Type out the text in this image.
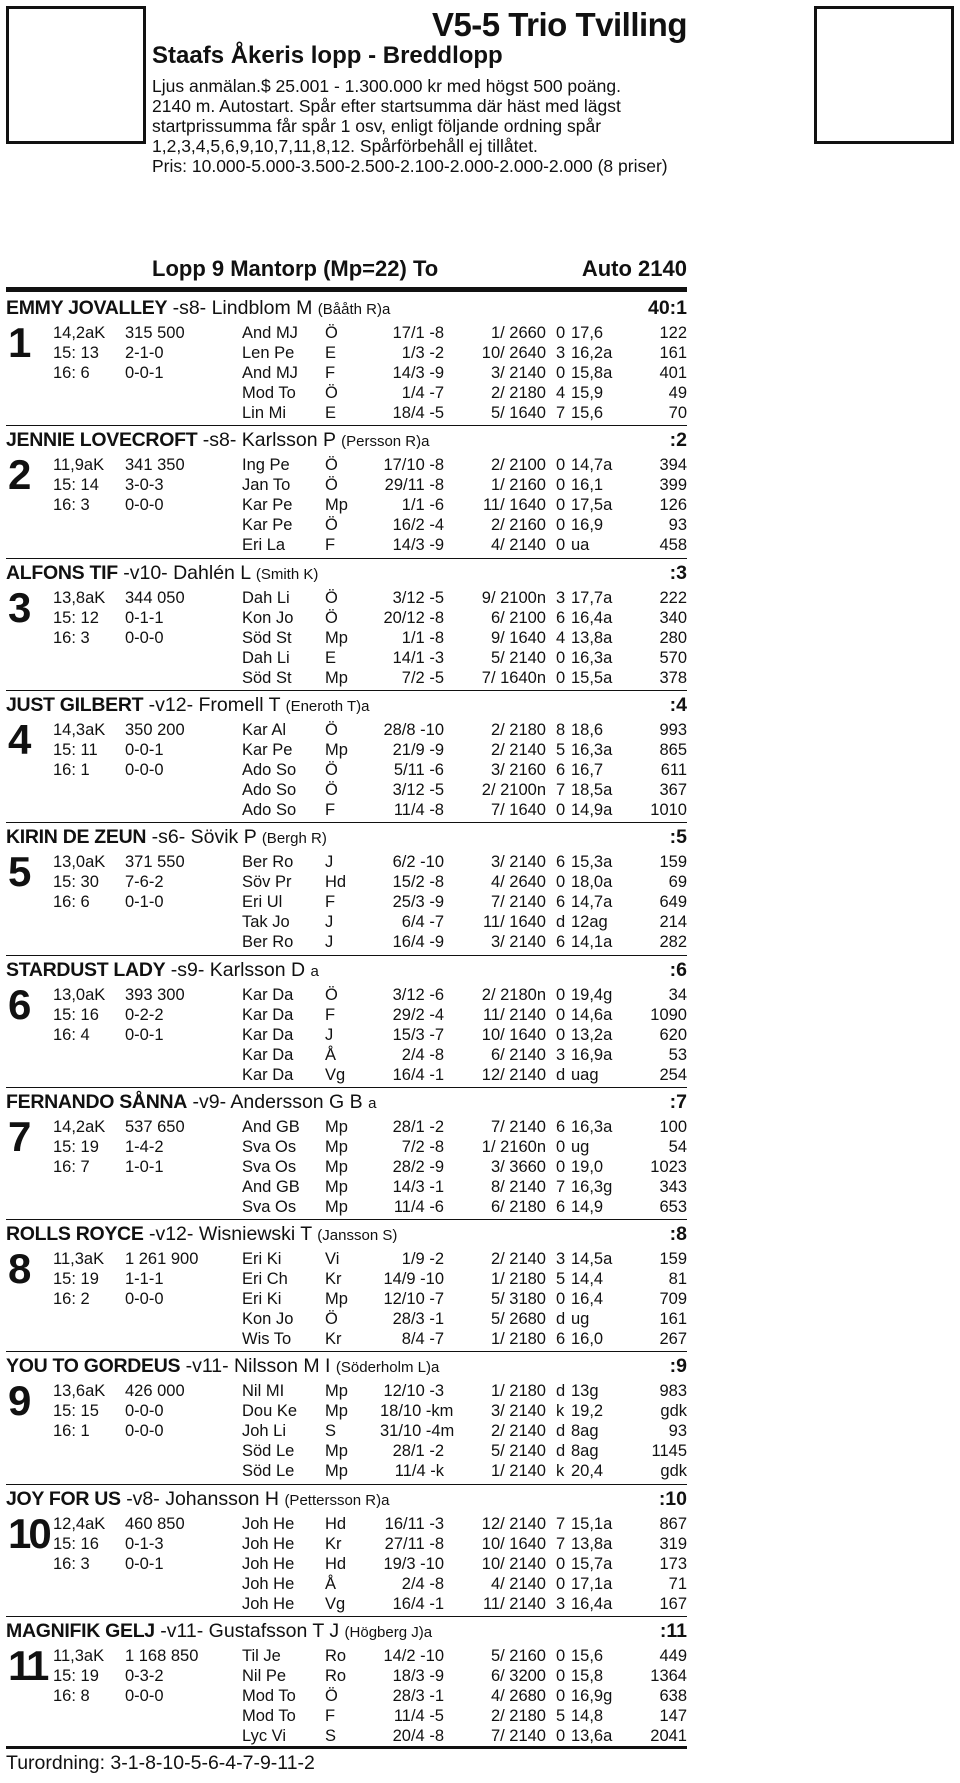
V5-5 Trio Tvilling
Staafs Åkeris lopp - Breddlopp

Ljus anmälan.$ 25.001 - 1.300.000 kr med högst 500 poäng.

2140 m. Autostart. Spår efter startsumma där häst med lägst startprissumma får spår 1 osv, enligt följande ordning spår 1,2,3,4,5,6,9,10,7,11,8,12. Spårförbehåll ej tillåtet.

Pris: 10.000-5.000-3.500-2.500-2.100-2.000-2.000-2.000 (8 priser)

Lopp 9 Mantorp (Mp=22) To	Auto 2140
EMMY JOVALLEY -s8- Lindblom M (Bååth R)a	40:1
1 14,2aK 315 500
15: 13 2-1-0
16: 6 0-0-1
And MJ Ö	17/1 -8	1/ 2660 0 17,6	122
Len Pe E	1/3 -2	10/ 2640 3 16,2a	161
And MJ F	14/3 -9	3/ 2140 0 15,8a	401
Mod To Ö	1/4 -7	2/ 2180 4 15,9	49
Lin Mi E	18/4 -5	5/ 1640 7 15,6	70
JENNIE LOVECROFT -s8- Karlsson P (Persson R)a	:2
2 11,9aK 341 350
15: 14 3-0-3
16: 3 0-0-0
Ing Pe Ö	17/10 -8	2/ 2100 0 14,7a	394
Jan To Ö	29/11 -8	1/ 2160 0 16,1	399
Kar Pe Mp	1/1 -6	11/ 1640 0 17,5a	126
Kar Pe Ö	16/2 -4	2/ 2160 0 16,9	93
Eri La F	14/3 -9	4/ 2140 0 ua	458
ALFONS TIF -v10- Dahlén L (Smith K)	:3
3 13,8aK 344 050
15: 12 0-1-1
16: 3 0-0-0
Dah Li Ö	3/12 -5	9/ 2100n 3 17,7a	222
Kon Jo Ö	20/12 -8	6/ 2100 6 16,4a	340
Söd St Mp	1/1 -8	9/ 1640 4 13,8a	280
Dah Li E	14/1 -3	5/ 2140 0 16,3a	570
Söd St Mp	7/2 -5	7/ 1640n 0 15,5a	378
JUST GILBERT -v12- Fromell T (Eneroth T)a	:4
4 14,3aK 350 200
15: 11 0-0-1
16: 1 0-0-0
Kar Al Ö	28/8 -10	2/ 2180 8 18,6	993
Kar Pe Mp	21/9 -9	2/ 2140 5 16,3a	865
Ado So Ö	5/11 -6	3/ 2160 6 16,7	611
Ado So Ö	3/12 -5	2/ 2100n 7 18,5a	367
Ado So F	11/4 -8	7/ 1640 0 14,9a 1010
KIRIN DE ZEUN -s6- Sövik P (Bergh R)	:5
5 13,0aK 371 550
15: 30 7-6-2
16: 6 0-1-0
Ber Ro J	6/2 -10	3/ 2140 6 15,3a	159
Söv Pr Hd	15/2 -8	4/ 2640 0 18,0a	69
Eri Ul	F	25/3 -9	7/ 2140 6 14,7a	649
Tak Jo J	6/4 -7	11/ 1640 d 12ag	214
Ber Ro J	16/4 -9	3/ 2140 6 14,1a	282
STARDUST LADY -s9- Karlsson D a	:6
6 13,0aK 393 300
15: 16 0-2-2
16: 4 0-0-1
Kar Da Ö	3/12 -6	2/ 2180n 0 19,4g	34
Kar Da F	29/2 -4	11/ 2140 0 14,6a 1090
Kar Da J	15/3 -7	10/ 1640 0 13,2a	620
Kar Da Å	2/4 -8	6/ 2140 3 16,9a	53
Kar Da Vg	16/4 -1	12/ 2140 d uag	254
FERNANDO SÅNNA -v9- Andersson G B a	:7
7 14,2aK 537 650
15: 19 1-4-2
16: 7 1-0-1
And GB Mp	28/1 -2	7/ 2140 6 16,3a	100
Sva Os Mp	7/2 -8	1/ 2160n 0 ug	54
Sva Os Mp	28/2 -9	3/ 3660 0 19,0	1023
And GB Mp	14/3 -1	8/ 2140 7 16,3g	343
Sva Os Mp	11/4 -6	6/ 2180 6 14,9	653
ROLLS ROYCE -v12- Wisniewski T (Jansson S)	:8
8 11,3aK 1 261 900
15: 19 1-1-1
16: 2 0-0-0
Eri Ki	Vi	1/9 -2	2/ 2140 3 14,5a	159
Eri Ch Kr	14/9 -10	1/ 2180 5 14,4	81
Eri Ki	Mp 12/10 -7	5/ 3180 0 16,4	709
Kon Jo Ö	28/3 -1	5/ 2680 d ug	161
Wis To Kr	8/4 -7	1/ 2180 6 16,0	267
YOU TO GORDEUS -v11- Nilsson M I (Söderholm L)a	:9
9 13,6aK 426 000
15: 15 0-0-0
16: 1 0-0-0
Nil MI Mp 12/10 -3	1/ 2180 d 13g	983
Dou Ke Mp 18/10 -km	3/ 2140 k 19,2	gdk
Joh Li S	31/10 -4m	2/ 2140 d 8ag	93
Söd Le Mp	28/1 -2	5/ 2140 d 8ag	1145
Söd Le Mp	11/4 -k	1/ 2140 k 20,4	gdk
JOY FOR US -v8- Johansson H (Pettersson R)a	:10
10 12,4aK 460 850
15: 16 0-1-3
16: 3 0-0-1
Joh He Hd 16/11 -3	12/ 2140 7 15,1a	867
Joh He Kr	27/11 -8	10/ 1640 7 13,8a	319
Joh He Hd 19/3 -10	10/ 2140 0 15,7a	173
Joh He Å	2/4 -8	4/ 2140 0 17,1a	71
Joh He Vg	16/4 -1	11/ 2140 3 16,4a	167
MAGNIFIK GELJ -v11- Gustafsson T J (Högberg J)a	:11
11 11,3aK 1 168 850
15: 19 0-3-2
16: 8 0-0-0
Til Je	Ro 14/2 -10	5/ 2160 0 15,6	449
Nil Pe Ro	18/3 -9	6/ 3200 0 15,8	1364
Mod To Ö	28/3 -1	4/ 2680 0 16,9g	638
Mod To F	11/4 -5	2/ 2180 5 14,8	147
Lyc Vi S	20/4 -8	7/ 2140 0 13,6a 2041
Turordning: 3-1-8-10-5-6-4-7-9-11-2
